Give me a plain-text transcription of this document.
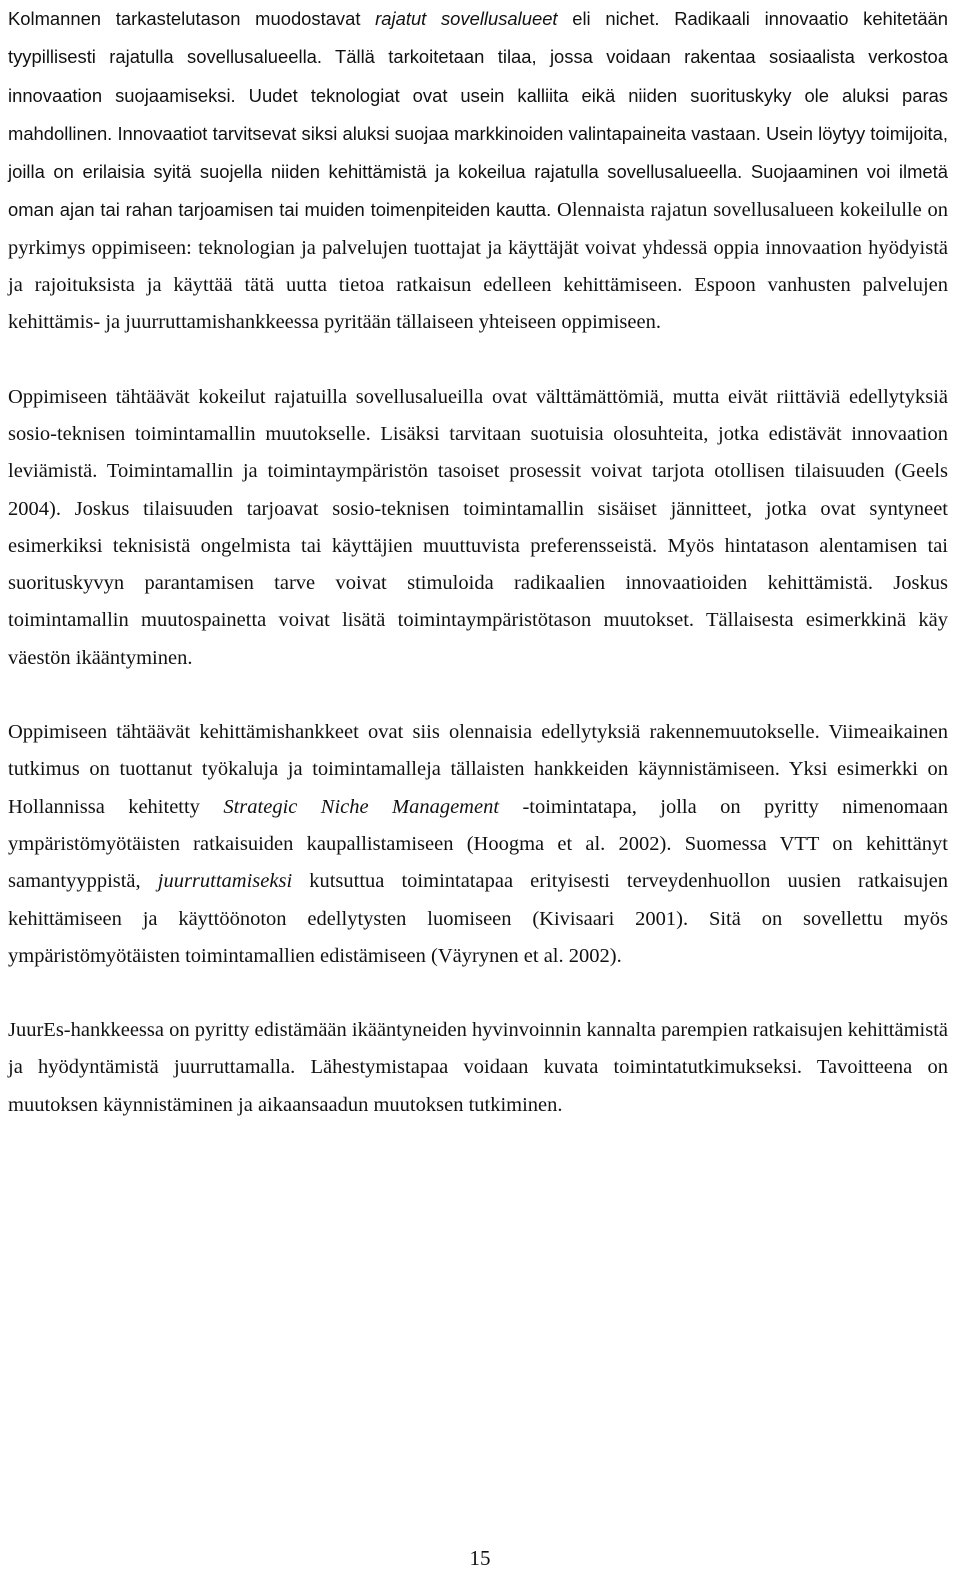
Kolmannen tarkastelutason muodostavat rajatut sovellusalueet eli nichet. Radikaali innovaatio kehitetään tyypillisesti rajatulla sovellusalueella. Tällä tarkoitetaan tilaa, jossa voidaan rakentaa sosiaalista verkostoa innovaation suojaamiseksi. Uudet teknologiat ovat usein kalliita eikä niiden suorituskyky ole aluksi paras mahdollinen. Innovaatiot tarvitsevat siksi aluksi suojaa markkinoiden valintapaineita vastaan. Usein löytyy toimijoita, joilla on erilaisia syitä suojella niiden kehittämistä ja kokeilua rajatulla sovellusalueella. Suojaaminen voi ilmetä oman ajan tai rahan tarjoamisen tai muiden toimenpiteiden kautta. Olennaista rajatun sovellusalueen kokeilulle on pyrkimys oppimiseen: teknologian ja palvelujen tuottajat ja käyttäjät voivat yhdessä oppia innovaation hyödyistä ja rajoituksista ja käyttää tätä uutta tietoa ratkaisun edelleen kehittämiseen. Espoon vanhusten palvelujen kehittämis- ja juurruttamishankkeessa pyritään tällaiseen yhteiseen oppimiseen.

Oppimiseen tähtäävät kokeilut rajatuilla sovellusalueilla ovat välttämättömiä, mutta eivät riittäviä edellytyksiä sosio-teknisen toimintamallin muutokselle. Lisäksi tarvitaan suotuisia olosuhteita, jotka edistävät innovaation leviämistä. Toimintamallin ja toimintaympäristön tasoiset prosessit voivat tarjota otollisen tilaisuuden (Geels 2004). Joskus tilaisuuden tarjoavat sosio-teknisen toimintamallin sisäiset jännitteet, jotka ovat syntyneet esimerkiksi teknisistä ongelmista tai käyttäjien muuttuvista preferensseistä. Myös hintatason alentamisen tai suorituskyvyn parantamisen tarve voivat stimuloida radikaalien innovaatioiden kehittämistä. Joskus toimintamallin muutospainetta voivat lisätä toimintaympäristötason muutokset. Tällaisesta esimerkkinä käy väestön ikääntyminen.

Oppimiseen tähtäävät kehittämishankkeet ovat siis olennaisia edellytyksiä rakennemuutokselle. Viimeaikainen tutkimus on tuottanut työkaluja ja toimintamalleja tällaisten hankkeiden käynnistämiseen. Yksi esimerkki on Hollannissa kehitetty Strategic Niche Management -toimintatapa, jolla on pyritty nimenomaan ympäristömyötäisten ratkaisuiden kaupallistamiseen (Hoogma et al. 2002). Suomessa VTT on kehittänyt samantyyppistä, juurruttamiseksi kutsuttua toimintatapaa erityisesti terveydenhuollon uusien ratkaisujen kehittämiseen ja käyttöönoton edellytysten luomiseen (Kivisaari 2001). Sitä on sovellettu myös ympäristömyötäisten toimintamallien edistämiseen (Väyrynen et al. 2002).

JuurEs-hankkeessa on pyritty edistämään ikääntyneiden hyvinvoinnin kannalta parempien ratkaisujen kehittämistä ja hyödyntämistä juurruttamalla. Lähestymistapaa voidaan kuvata toimintatutkimukseksi. Tavoitteena on muutoksen käynnistäminen ja aikaansaadun muutoksen tutkiminen.

15
